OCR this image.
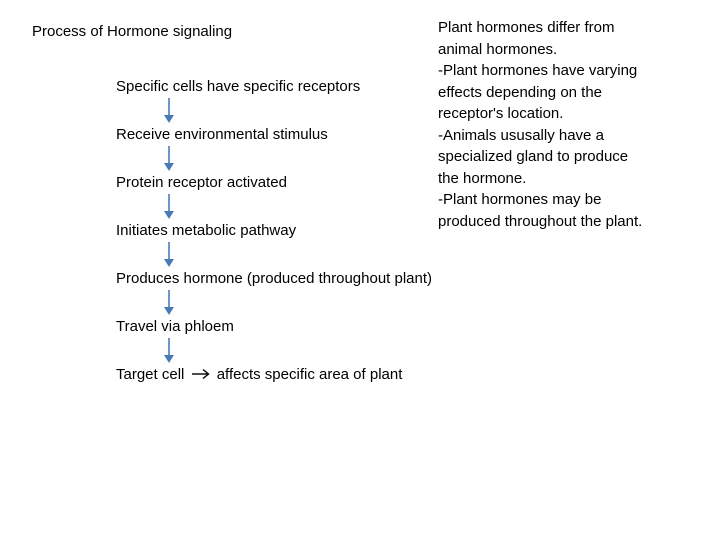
Process of Hormone signaling
Specific cells have specific receptors
Receive environmental stimulus
Protein receptor activated
Initiates metabolic pathway
Produces hormone (produced throughout plant)
Travel via phloem
Target cell affects specific area of plant
Plant hormones differ from
animal hormones.
-Plant hormones have varying
effects depending on the
receptor's location.
-Animals ususally have a
specialized gland to produce
the hormone.
-Plant hormones may be
produced throughout the plant.
